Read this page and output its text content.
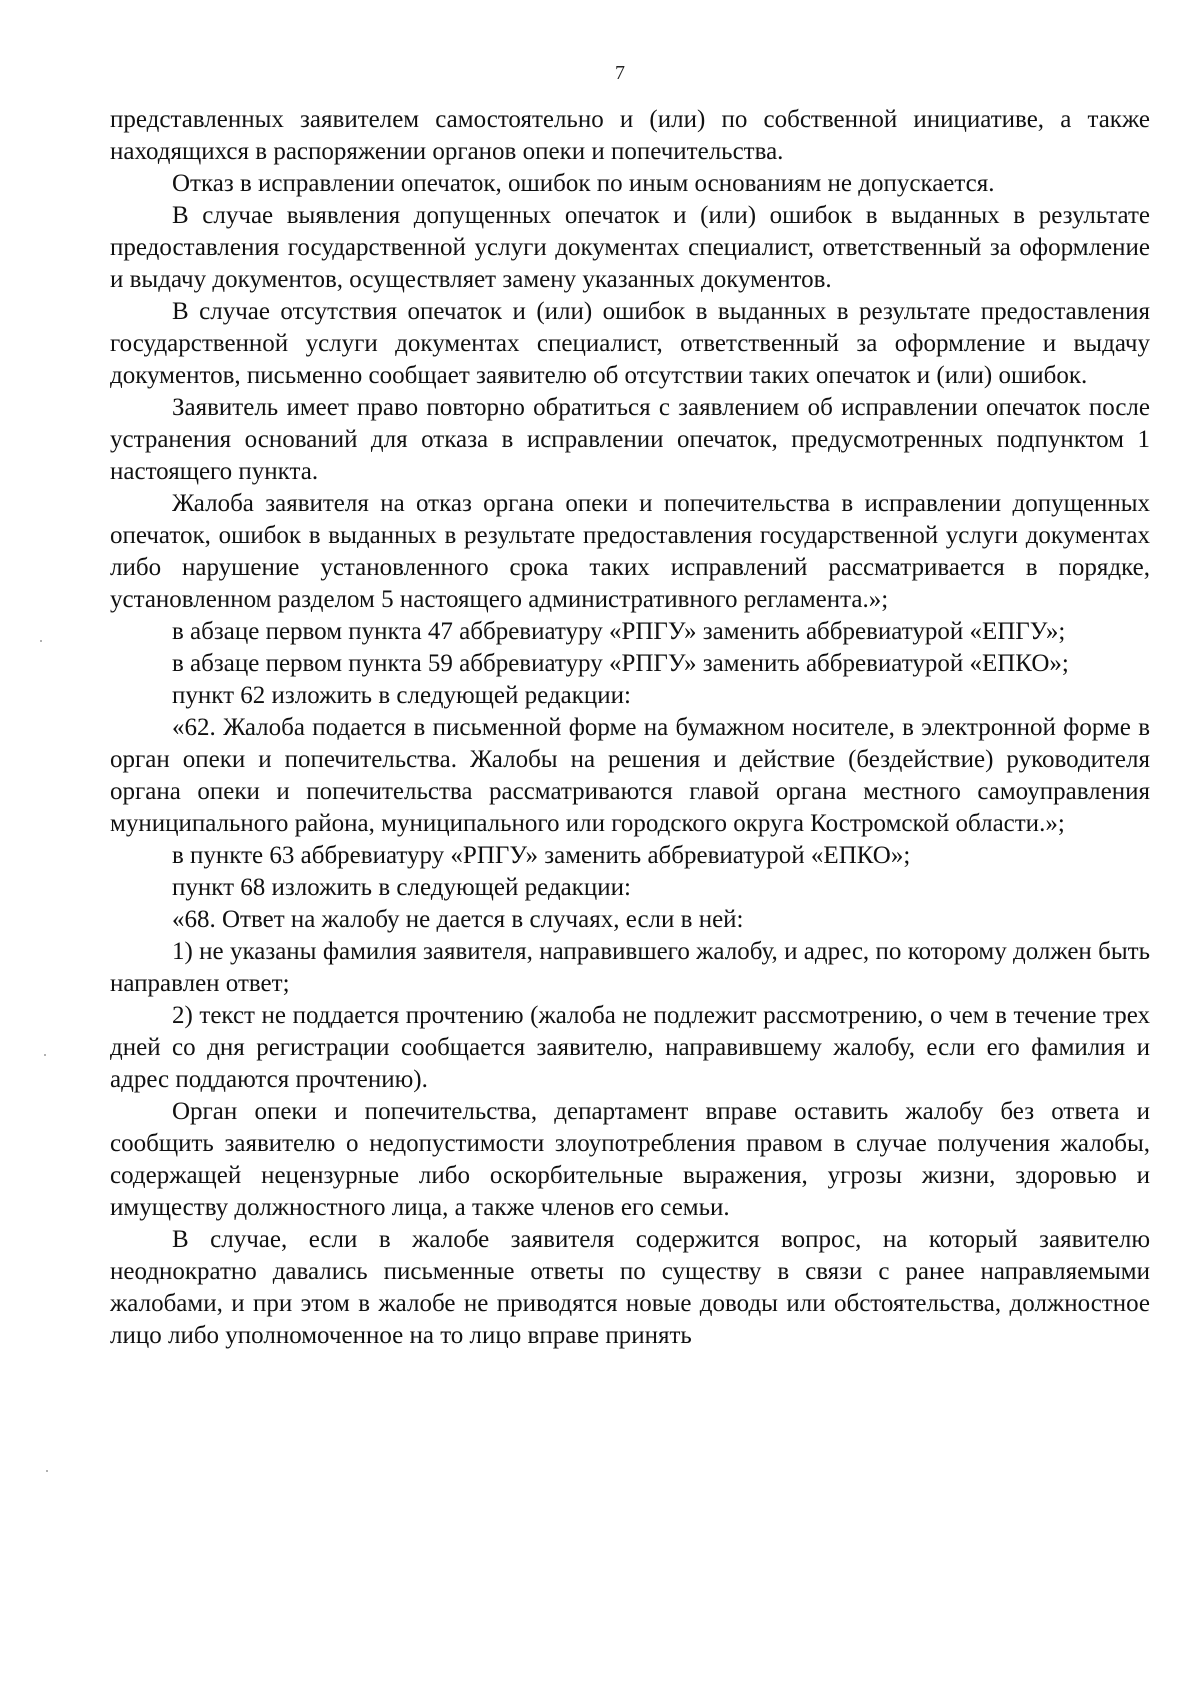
7

представленных заявителем самостоятельно и (или) по собственной инициативе, а также находящихся в распоряжении органов опеки и попечительства.

Отказ в исправлении опечаток, ошибок по иным основаниям не допускается.

В случае выявления допущенных опечаток и (или) ошибок в выданных в результате предоставления государственной услуги документах специалист, ответственный за оформление и выдачу документов, осуществляет замену указанных документов.

В случае отсутствия опечаток и (или) ошибок в выданных в результате предоставления государственной услуги документах специалист, ответственный за оформление и выдачу документов, письменно сообщает заявителю об отсутствии таких опечаток и (или) ошибок.

Заявитель имеет право повторно обратиться с заявлением об исправлении опечаток после устранения оснований для отказа в исправлении опечаток, предусмотренных подпунктом 1 настоящего пункта.

Жалоба заявителя на отказ органа опеки и попечительства в исправлении допущенных опечаток, ошибок в выданных в результате предоставления государственной услуги документах либо нарушение установленного срока таких исправлений рассматривается в порядке, установленном разделом 5 настоящего административного регламента.»;

в абзаце первом пункта 47 аббревиатуру «РПГУ» заменить аббревиатурой «ЕПГУ»;

в абзаце первом пункта 59 аббревиатуру «РПГУ» заменить аббревиатурой «ЕПКО»;

пункт 62 изложить в следующей редакции:

«62. Жалоба подается в письменной форме на бумажном носителе, в электронной форме в орган опеки и попечительства. Жалобы на решения и действие (бездействие) руководителя органа опеки и попечительства рассматриваются главой органа местного самоуправления муниципального района, муниципального или городского округа Костромской области.»;

в пункте 63 аббревиатуру «РПГУ» заменить аббревиатурой «ЕПКО»;

пункт 68 изложить в следующей редакции:

«68. Ответ на жалобу не дается в случаях, если в ней:

1) не указаны фамилия заявителя, направившего жалобу, и адрес, по которому должен быть направлен ответ;

2) текст не поддается прочтению (жалоба не подлежит рассмотрению, о чем в течение трех дней со дня регистрации сообщается заявителю, направившему жалобу, если его фамилия и адрес поддаются прочтению).

Орган опеки и попечительства, департамент вправе оставить жалобу без ответа и сообщить заявителю о недопустимости злоупотребления правом в случае получения жалобы, содержащей нецензурные либо оскорбительные выражения, угрозы жизни, здоровью и имуществу должностного лица, а также членов его семьи.

В случае, если в жалобе заявителя содержится вопрос, на который заявителю неоднократно давались письменные ответы по существу в связи с ранее направляемыми жалобами, и при этом в жалобе не приводятся новые доводы или обстоятельства, должностное лицо либо уполномоченное на то лицо вправе принять
